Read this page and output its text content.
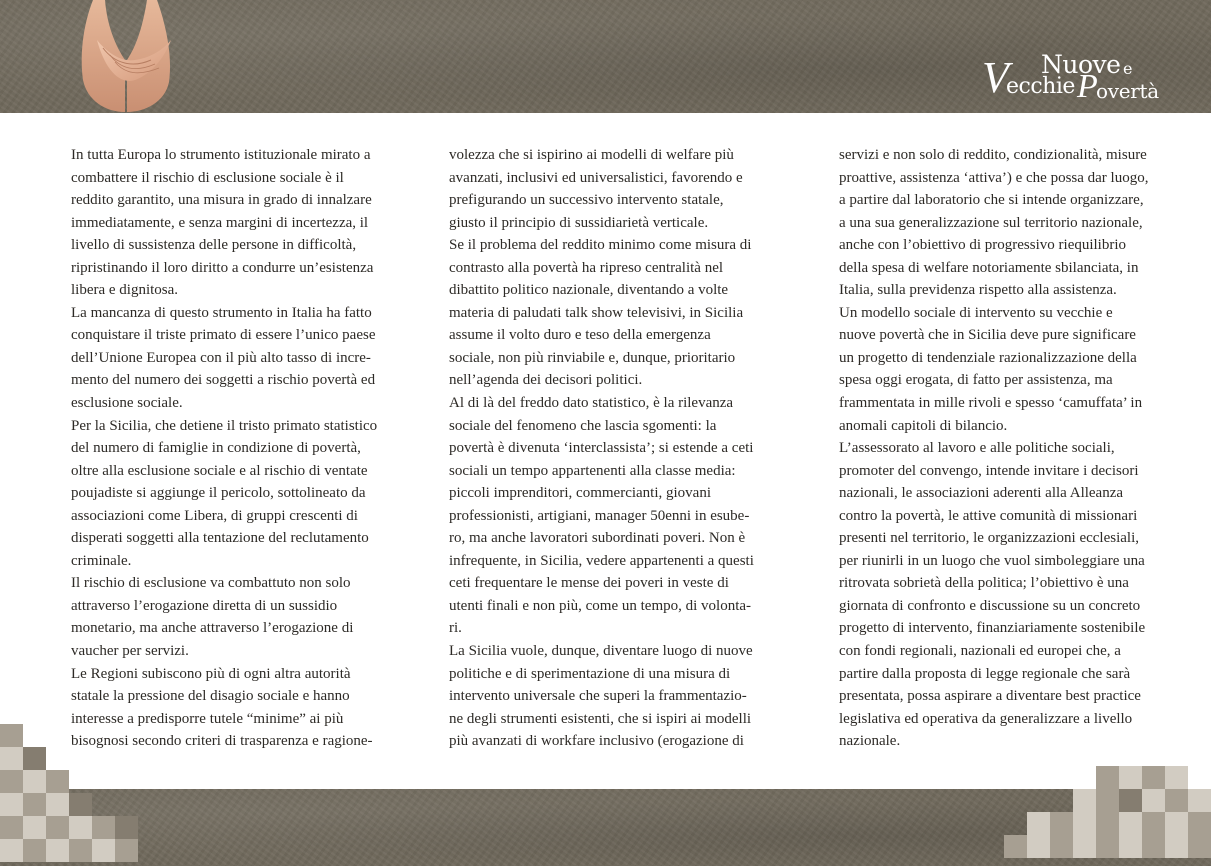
Nuove e
V
ecchie P
overtà
In tutta Europa lo strumento istituzionale mirato a
combattere il rischio di esclusione sociale è il
reddito garantito, una misura in grado di innalzare
immediatamente, e senza margini di incertezza, il
livello di sussistenza delle persone in difficoltà,
ripristinando il loro diritto a condurre un’esistenza
libera e dignitosa.
La mancanza di questo strumento in Italia ha fatto
conquistare il triste primato di essere l’unico paese
dell’Unione Europea con il più alto tasso di incre-
mento del numero dei soggetti a rischio povertà ed
esclusione sociale.
Per la Sicilia, che detiene il tristo primato statistico
del numero di famiglie in condizione di povertà,
oltre alla esclusione sociale e al rischio di ventate
poujadiste si aggiunge il pericolo, sottolineato da
associazioni come Libera, di gruppi crescenti di
disperati soggetti alla tentazione del reclutamento
criminale.
Il rischio di esclusione va combattuto non solo
attraverso l’erogazione diretta di un sussidio
monetario, ma anche attraverso l’erogazione di
vaucher per servizi.
Le Regioni subiscono più di ogni altra autorità
statale la pressione del disagio sociale e hanno
interesse a predisporre tutele “minime” ai più
bisognosi secondo criteri di trasparenza e ragione-
volezza che si ispirino ai modelli di welfare più
avanzati, inclusivi ed universalistici, favorendo e
prefigurando un successivo intervento statale,
giusto il principio di sussidiarietà verticale.
Se il problema del reddito minimo come misura di
contrasto alla povertà ha ripreso centralità nel
dibattito politico nazionale, diventando a volte
materia di paludati talk show televisivi, in Sicilia
assume il volto duro e teso della emergenza
sociale, non più rinviabile e, dunque, prioritario
nell’agenda dei decisori politici.
Al di là del freddo dato statistico, è la rilevanza
sociale del fenomeno che lascia sgomenti: la
povertà è divenuta ‘interclassista’; si estende a ceti
sociali un tempo appartenenti alla classe media:
piccoli imprenditori, commercianti, giovani
professionisti, artigiani, manager 50enni in esube-
ro, ma anche lavoratori subordinati poveri. Non è
infrequente, in Sicilia, vedere appartenenti a questi
ceti frequentare le mense dei poveri in veste di
utenti finali e non più, come un tempo, di volonta-
ri.
La Sicilia vuole, dunque, diventare luogo di nuove
politiche e di sperimentazione di una misura di
intervento universale che superi la frammentazio-
ne degli strumenti esistenti, che si ispiri ai modelli
più avanzati di workfare inclusivo (erogazione di
servizi e non solo di reddito, condizionalità, misure
proattive, assistenza ‘attiva’) e che possa dar luogo,
a partire dal laboratorio che si intende organizzare,
a una sua generalizzazione sul territorio nazionale,
anche con l’obiettivo di progressivo riequilibrio
della spesa di welfare notoriamente sbilanciata, in
Italia, sulla previdenza rispetto alla assistenza.
Un modello sociale di intervento su vecchie e
nuove povertà che in Sicilia deve pure significare
un progetto di tendenziale razionalizzazione della
spesa oggi erogata, di fatto per assistenza, ma
frammentata in mille rivoli e spesso ‘camuffata’ in
anomali capitoli di bilancio.
L’assessorato al lavoro e alle politiche sociali,
promoter del convengo, intende invitare i decisori
nazionali, le associazioni aderenti alla Alleanza
contro la povertà, le attive comunità di missionari
presenti nel territorio, le organizzazioni ecclesiali,
per riunirli in un luogo che vuol simboleggiare una
ritrovata sobrietà della politica; l’obiettivo è una
giornata di confronto e discussione su un concreto
progetto di intervento, finanziariamente sostenibile
con fondi regionali, nazionali ed europei che, a
partire dalla proposta di legge regionale che sarà
presentata, possa aspirare a diventare best practice
legislativa ed operativa da generalizzare a livello
nazionale.
